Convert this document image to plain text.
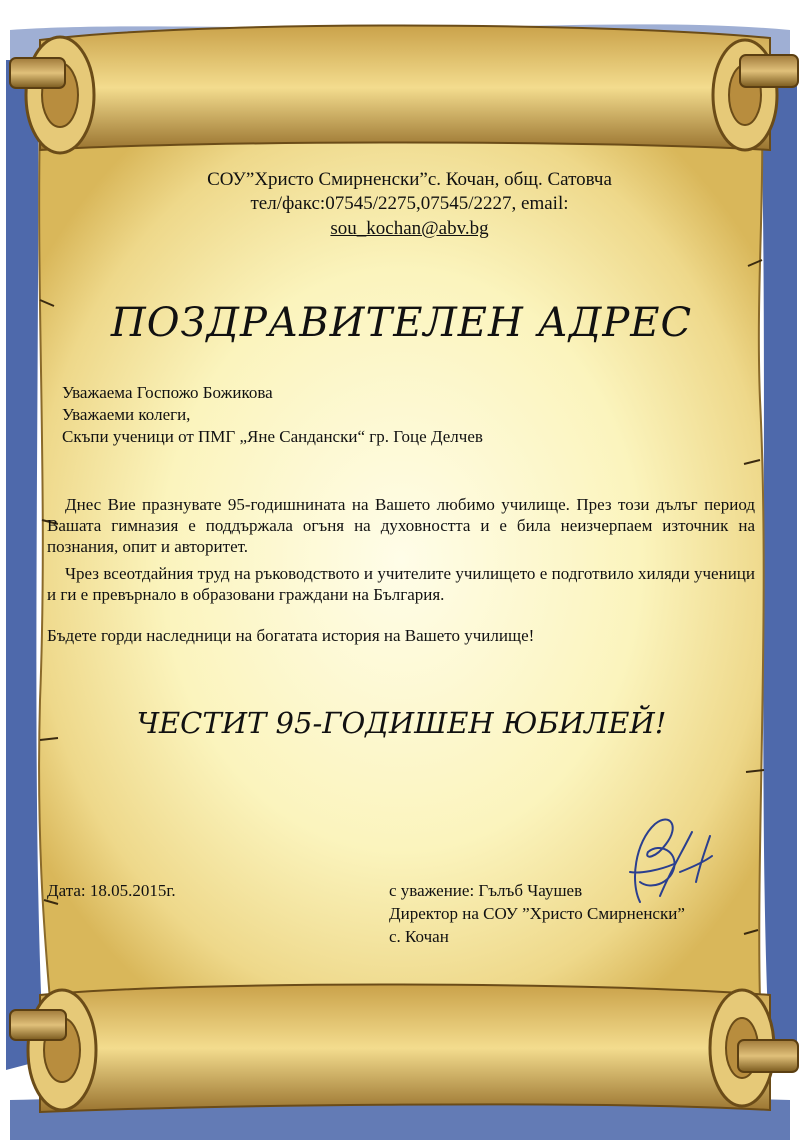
СОУ”Христо Смирненски”с. Кочан, общ. Сатовча

тел/факс:07545/2275,07545/2227, email:

sou_kochan@abv.bg

ПОЗДРАВИТЕЛЕН АДРЕС

Уважаема Госпожо Божикова

Уважаеми колеги,

Скъпи ученици от ПМГ „Яне Сандански“ гр. Гоце Делчев

Днес Вие празнувате 95-годишнината на Вашето любимо училище. През този дълъг период Вашата гимназия е поддържала огъня на духовността и е била неизчерпаем източник на познания, опит и авторитет.

Чрез всеотдайния труд на ръководството и учителите училището е подготвило хиляди ученици и ги е превърнало в образовани граждани на България.

Бъдете горди наследници на богатата история на Вашето училище!

ЧЕСТИТ 95-ГОДИШЕН ЮБИЛЕЙ!

Дата: 18.05.2015г.	с уважение: Гълъб Чаушев

Директор на СОУ ”Христо Смирненски”

с. Кочан
